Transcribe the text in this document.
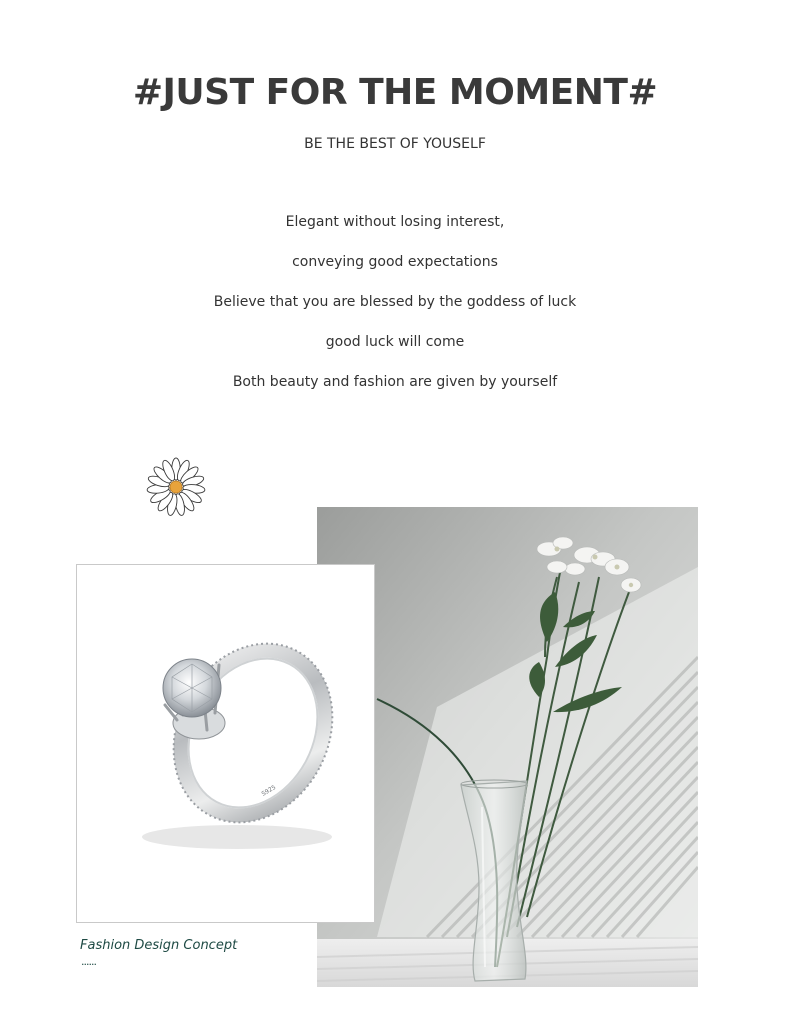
#JUST FOR THE MOMENT#
BE THE BEST OF YOUSELF
Elegant without losing interest,
conveying good expectations
Believe that you are blessed by the goddess of luck
good luck will come
Both beauty and fashion are given by yourself
S925
Fashion Design Concept
······
